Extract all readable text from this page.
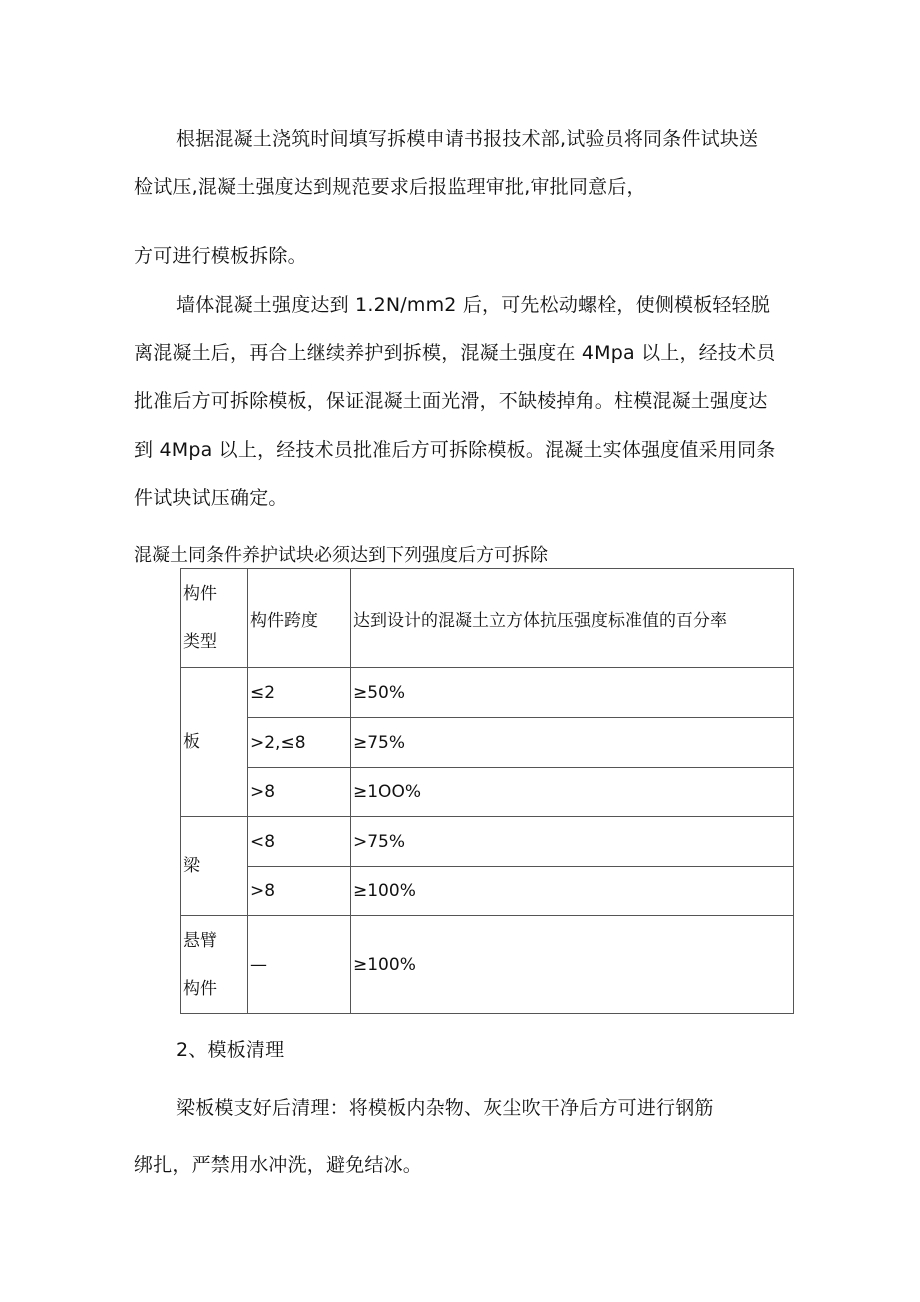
根据混凝土浇筑时间填写拆模申请书报技术部,试验员将同条件试块送

检试压,混凝土强度达到规范要求后报监理审批,审批同意后，

方可进行模板拆除。

墙体混凝土强度达到 1.2N∕mm2 后，可先松动螺栓，使侧模板轻轻脱

离混凝土后，再合上继续养护到拆模，混凝土强度在 4Mpa 以上，经技术员

批准后方可拆除模板，保证混凝土面光滑，不缺棱掉角。柱模混凝土强度达

到 4Mpa 以上，经技术员批准后方可拆除模板。混凝土实体强度值采用同条

件试块试压确定。

混凝土同条件养护试块必须达到下列强度后方可拆除

构件类型	构件跨度	达到设计的混凝土立方体抗压强度标准值的百分率
板	≤2	≥50%
	>2,≤8	≥75%
	>8	≥1OO%
梁	<8	>75%
	>8	≥100%

悬臂构件	—	≥100%

2、模板清理

梁板模支好后清理：将模板内杂物、灰尘吹干净后方可进行钢筋

绑扎，严禁用水冲洗，避免结冰。
